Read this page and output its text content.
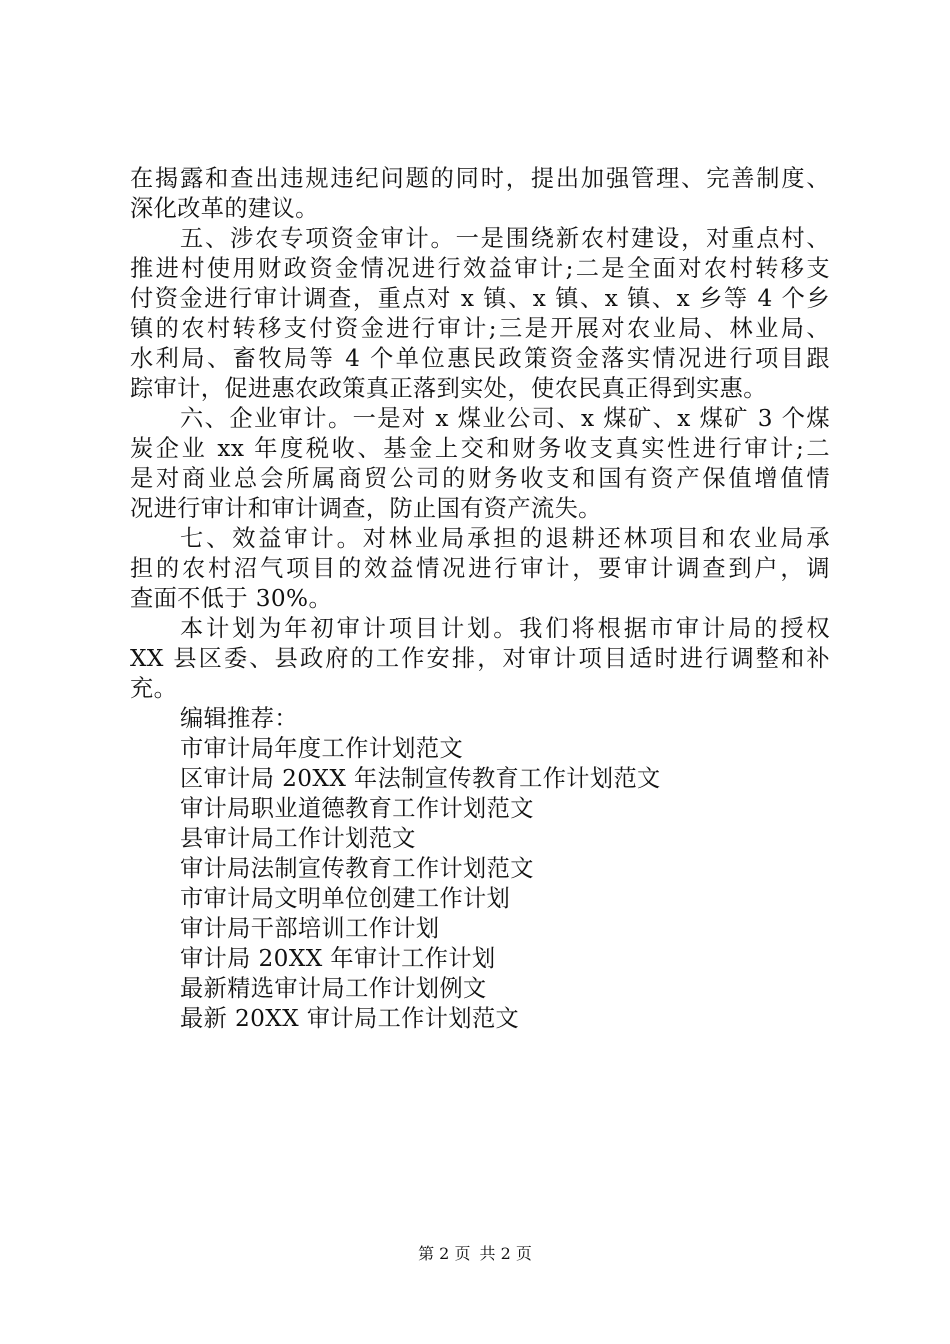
在揭露和查出违规违纪问题的同时，提出加强管理、完善制度、
深化改革的建议。
五、涉农专项资金审计。一是围绕新农村建设，对重点村、
推进村使用财政资金情况进行效益审计;二是全面对农村转移支
付资金进行审计调查，重点对 x 镇、x 镇、x 镇、x 乡等 4 个乡
镇的农村转移支付资金进行审计;三是开展对农业局、林业局、
水利局、畜牧局等 4 个单位惠民政策资金落实情况进行项目跟
踪审计，促进惠农政策真正落到实处，使农民真正得到实惠。
六、企业审计。一是对 x 煤业公司、x 煤矿、x 煤矿 3 个煤
炭企业 xx 年度税收、基金上交和财务收支真实性进行审计;二
是对商业总会所属商贸公司的财务收支和国有资产保值增值情
况进行审计和审计调查，防止国有资产流失。
七、效益审计。对林业局承担的退耕还林项目和农业局承
担的农村沼气项目的效益情况进行审计，要审计调查到户，调
查面不低于 30%。
本计划为年初审计项目计划。我们将根据市审计局的授权
XX 县区委、县政府的工作安排，对审计项目适时进行调整和补
充。
编辑推荐：
市审计局年度工作计划范文
区审计局 20XX 年法制宣传教育工作计划范文
审计局职业道德教育工作计划范文
县审计局工作计划范文
审计局法制宣传教育工作计划范文
市审计局文明单位创建工作计划
审计局干部培训工作计划
审计局 20XX 年审计工作计划
最新精选审计局工作计划例文
最新 20XX 审计局工作计划范文
第 2 页 共 2 页
